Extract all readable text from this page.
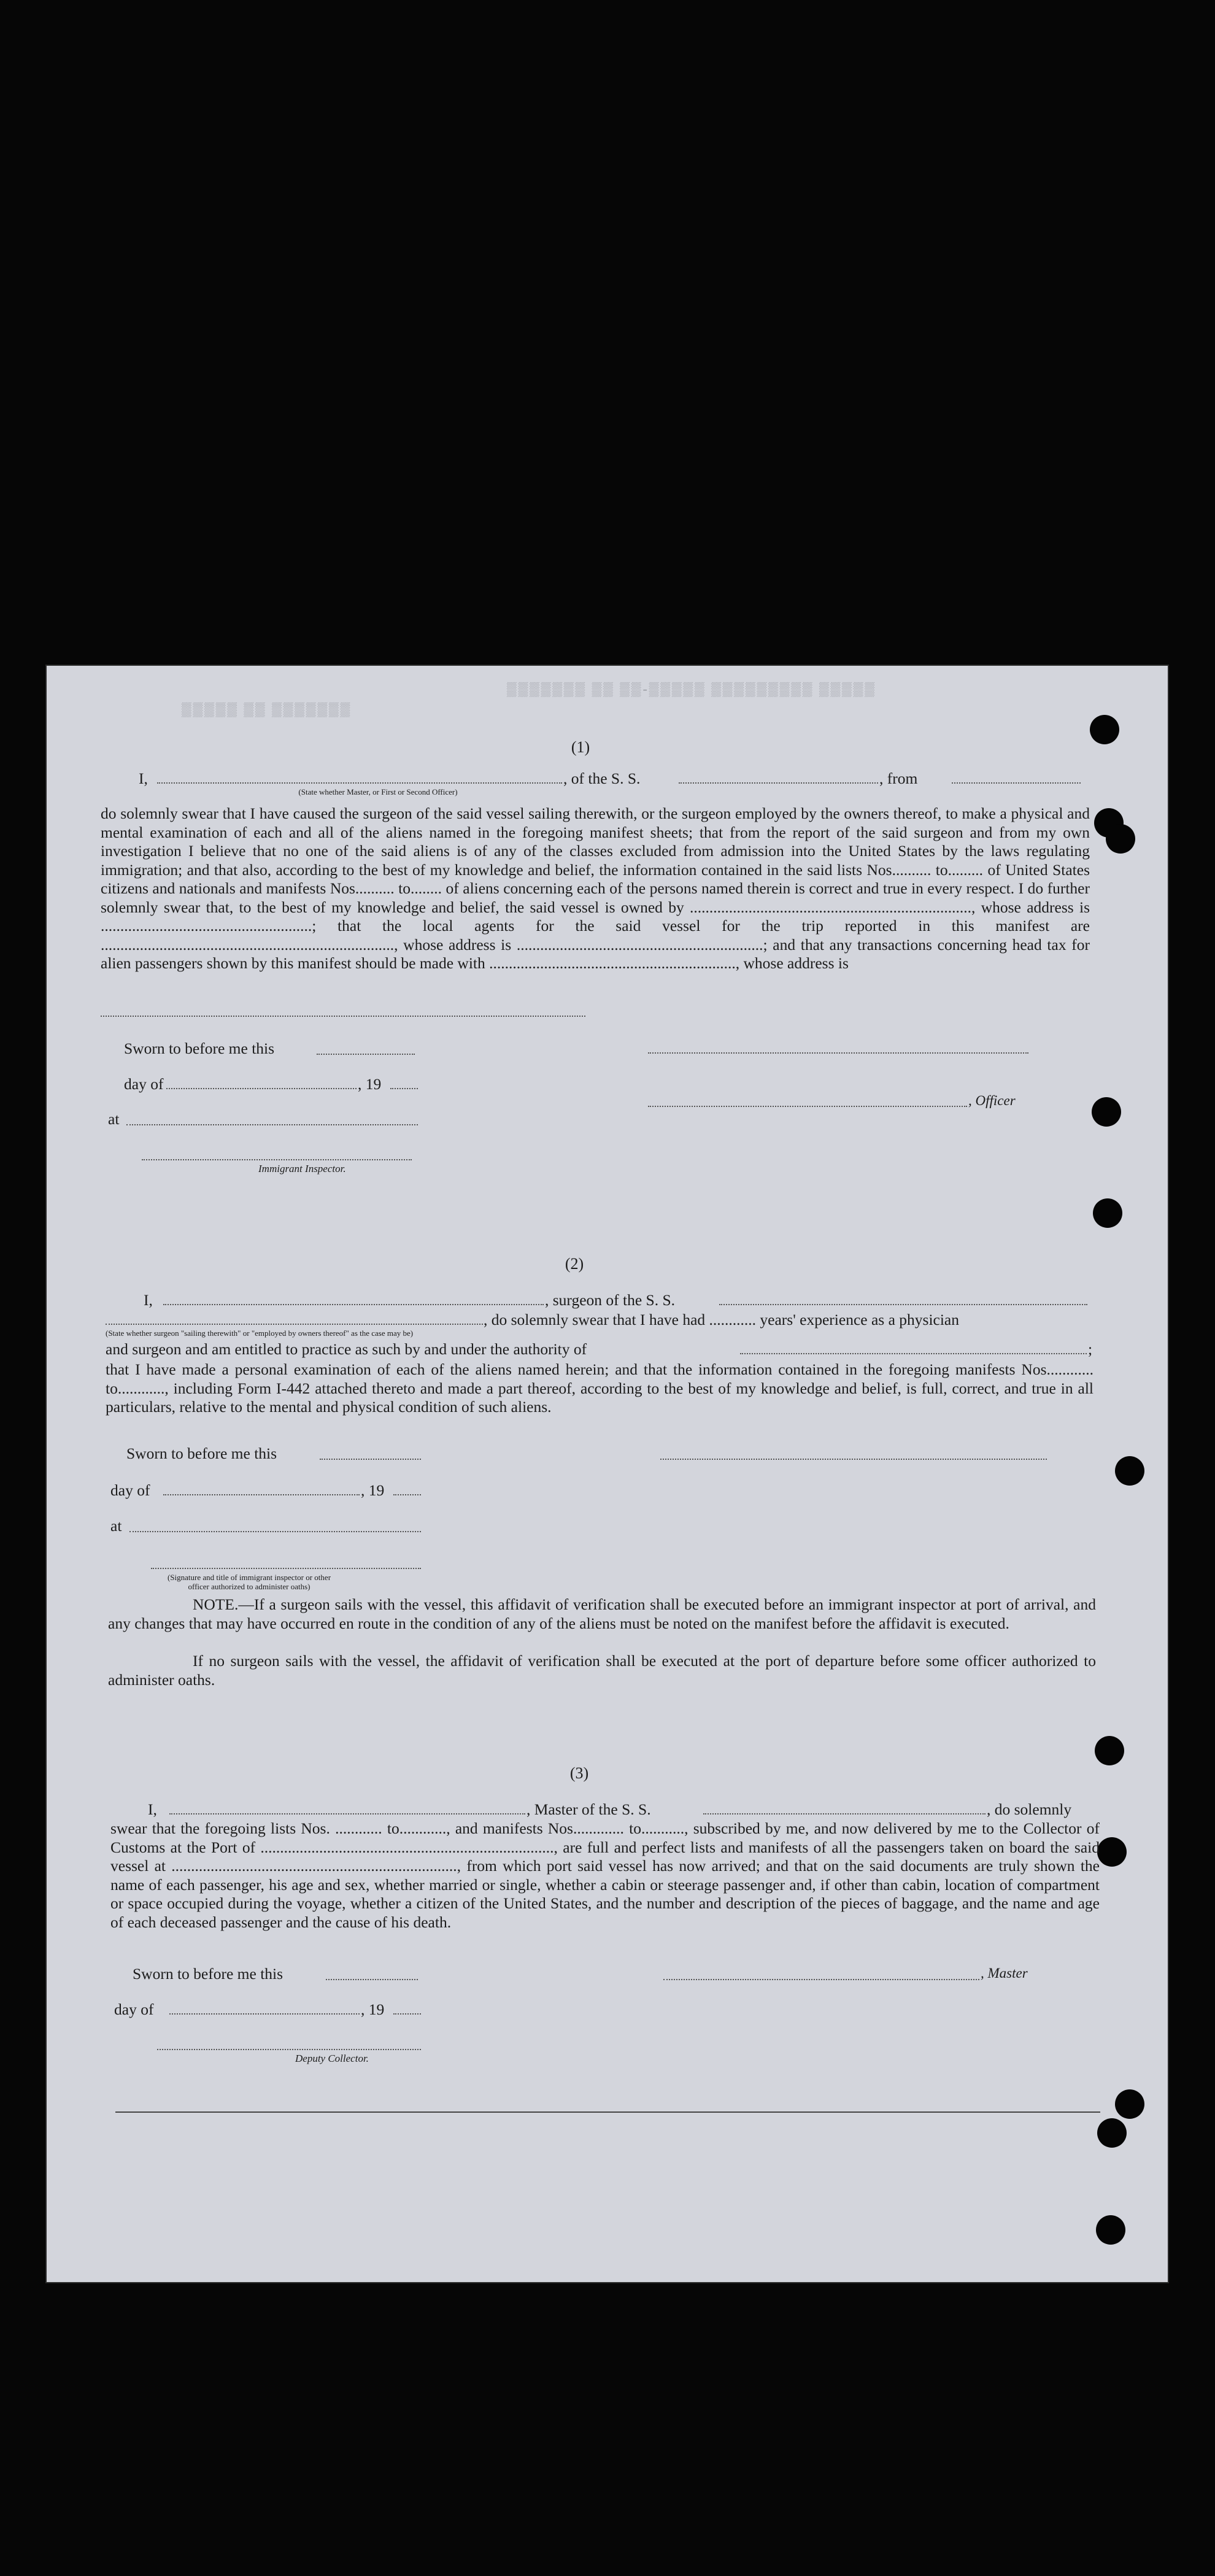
▒▒▒▒▒ ▒▒ ▒▒▒▒▒▒▒
▒▒▒▒▒▒▒ ▒▒ ▒▒-▒▒▒▒▒ ▒▒▒▒▒▒▒▒▒ ▒▒▒▒▒
(1)
I,	, of the S. S.	, from
(State whether Master, or First or Second Officer)
do solemnly swear that I have caused the surgeon of the said vessel sailing therewith, or the surgeon employed by the owners thereof, to make a physical and mental examination of each and all of the aliens named in the foregoing manifest sheets; that from the report of the said surgeon and from my own investigation I believe that no one of the said aliens is of any of the classes excluded from admission into the United States by the laws regulating immigration; and that also, according to the best of my knowledge and belief, the information contained in the said lists Nos.......... to......... of United States citizens and nationals and manifests Nos.......... to........ of aliens concerning each of the persons named therein is correct and true in every respect. I do further solemnly swear that, to the best of my knowledge and belief, the said vessel is owned by ........................................................................, whose address is ......................................................; that the local agents for the said vessel for the trip reported in this manifest are ..........................................................................., whose address is ...............................................................; and that any transactions concerning head tax for alien passengers shown by this manifest should be made with ..............................................................., whose address is
Sworn to before me this
day of	, 19
, Officer
at
Immigrant Inspector.
(2)
I,	, surgeon of the S. S.
, do solemnly swear that I have had ............ years' experience as a physician
(State whether surgeon "sailing therewith" or "employed by owners thereof" as the case may be)
and surgeon and am entitled to practice as such by and under the authority of	;
that I have made a personal examination of each of the aliens named herein; and that the information contained in the foregoing manifests Nos............ to............, including Form I-442 attached thereto and made a part thereof, according to the best of my knowledge and belief, is full, correct, and true in all particulars, relative to the mental and physical condition of such aliens.
Sworn to before me this
day of	, 19
at
(Signature and title of immigrant inspector or other officer authorized to administer oaths)
NOTE.—If a surgeon sails with the vessel, this affidavit of verification shall be executed before an immigrant inspector at port of arrival, and any changes that may have occurred en route in the condition of any of the aliens must be noted on the manifest before the affidavit is executed.
If no surgeon sails with the vessel, the affidavit of verification shall be executed at the port of departure before some officer authorized to administer oaths.
(3)
I,	, Master of the S. S.	, do solemnly
swear that the foregoing lists Nos. ............ to............, and manifests Nos............. to..........., subscribed by me, and now delivered by me to the Collector of Customs at the Port of ..........................................................................., are full and perfect lists and manifests of all the passengers taken on board the said vessel at ........................................................................., from which port said vessel has now arrived; and that on the said documents are truly shown the name of each passenger, his age and sex, whether married or single, whether a cabin or steerage passenger and, if other than cabin, location of compartment or space occupied during the voyage, whether a citizen of the United States, and the number and description of the pieces of baggage, and the name and age of each deceased passenger and the cause of his death.
Sworn to before me this	, Master
day of	, 19
Deputy Collector.
